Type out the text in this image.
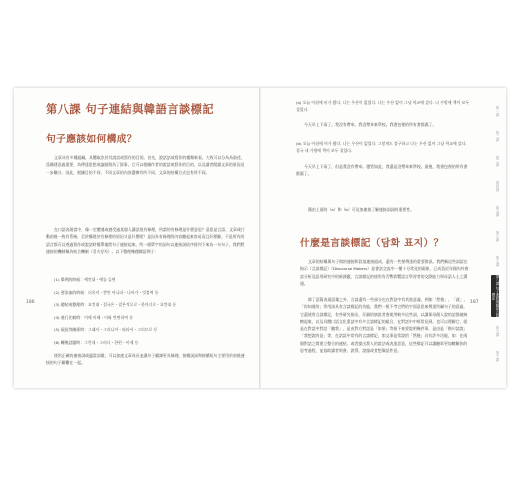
第八課 句子連結與韓語言談標記
句子應該如何構成？

文章具有多種組織，具體取決於其說話或寫作的目的。首先，說話話或寫作的種類來看，大致可以分為為敘述，爲構建意義重要，為傳達思想或論點與為了敘事。它可以根據作者的說話或寫作的目的，以及讀者閱讀文章的原因這一步驟分，因此，根據目的不同，不同文章的內容選擇有所不同，文章的結構方式也有所不同。

在口語表現當中，像一定體遇或感受過某個人講話很有條理，所謂的有條理是什麼意思？意思是言語、文章或行動前後一致有系統，至於構建於有條理的原因又是什麼呢？是因為有條理的內容聽起來容易而且好理解。不是所有的語言都可以透過寫作或說話時簡單地將句子連接起來，所一個單字的詞句以連接詞依序排列下來為一句句子，我們將連接的機制稱為結合機制（결속장치）。以下整理幾種韓語例子：

(1) 舉例的時候：예컨대・예를 들면

(2) 要添加的時候：더욱이・뿐만 아니라・나아가・덧붙여 등

(3) 總結或整理時：요컨대・결국은・결론적으로・한마디로・요컨대 등

(4) 進行比較時：이에 비해・이와 반면하여 등

(5) 現況等關係時：그래서・그러니까・따라서・그러므로 등

(6) 轉換話題時：그런데・그러나・한편・이제 등

使用正確的連接詞或適當詞彙，可以加速文章成長並讓句子翻譯更具條理。接續詞詞和接續短句主要用於前後連接的句子聯繫在一起。

(a) 오늘 아침에 비가 왔다. 나는 우산이 없었다. 나는 우산 없이 그냥 학교에 갔다. 나 가방에 책이 모두 젖었다.

今天早上下雨了。我沒有帶傘。我沒帶傘來學校。我書包裡的所有書都濕了。

(b) 오늘 아침에 비가 왔다. 나는 우산이 없었다. 그렇게도 불구하고 나는 우산 없이 그냥 학교에 갔다. 결국 내 가방에 책이 모두 젖었다.

今天早上下雨了，但是我沒有帶傘。儘管如此，我還是沒帶傘來學校。最後，我書包裡的所有書都濕了。

藉由上面的（a）和（b）可見加連接了解連接詞詞的重要性。

什麼是言談標記（담화 표지）？

文章的結構與句子間的連接和段落連接組成，還有一些要傳達的重要資訊。我們稱這些詞語在指示（言談標記）（Discourse Makers）是會話交流中一種十分常見的現象，已成爲近年國內外會話分析及語用研究中的新課題，言談標記的使用有否暫影響語言學習者的交際能力和母語人士之溝通。

除了語篇表現語彙之外，言談還有一些部分也在對話中有其他意義，例如「然後」、「就」、「你知道的」等用詞具有言談標記的功能，我們一般不考它們的字面意思來傳達所屬句子的意義，它還使用言談標記，有些研究指出，仔細的演說者會使用較多這些詞，以讓保母個人說的話都被統轄起來，以及具體口語文化重話中有多言談標記的組合，在對話中中經常見到。也可以理解它，就是在對話中對話「聽我」，是由對方對話是「如果」等接下來要說明幾件事，是由是「換句話說」「我想說的是」等，在話語中常有的言談標記，如文事是常說的「然後」具有許多功能，如：在兩個對話之間建立整合的連結，或者提出我人的說法或表達思意，這些標記可以讓聽眾更加瞭解你的思考過程，並協助讀者領會、說得、說服或者想像話件意。

186	187
第一課
第二課
第三課
第四課
第五課
第六課
第七課
第八課 句子連結與韓語言談標記
第九課
第十課
